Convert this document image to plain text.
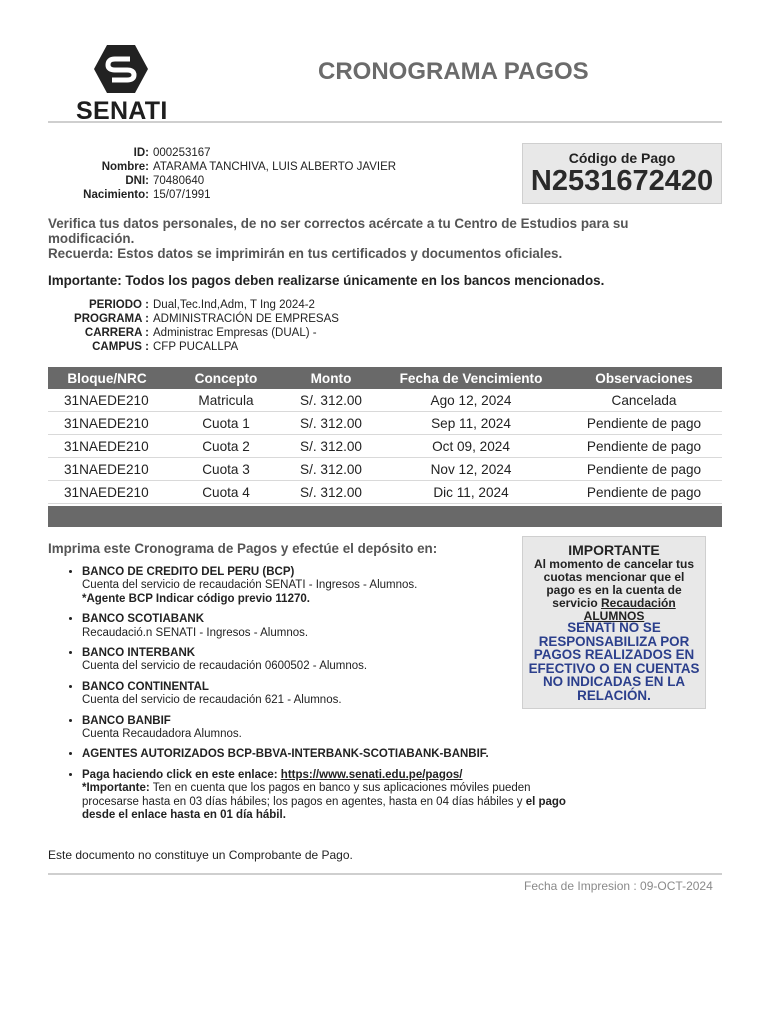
SENATI
CRONOGRAMA PAGOS
ID: 000253167
Nombre: ATARAMA TANCHIVA, LUIS ALBERTO JAVIER
DNI: 70480640
Nacimiento: 15/07/1991
Código de Pago
N2531672420
Verifica tus datos personales, de no ser correctos acércate a tu Centro de Estudios para su
modificación.
Recuerda: Estos datos se imprimirán en tus certificados y documentos oficiales.
Importante: Todos los pagos deben realizarse únicamente en los bancos mencionados.
PERIODO : Dual,Tec.Ind,Adm, T Ing 2024-2
PROGRAMA : ADMINISTRACIÓN DE EMPRESAS
CARRERA : Administrac Empresas (DUAL) -
CAMPUS : CFP PUCALLPA
Bloque/NRC	Concepto	Monto	Fecha de Vencimiento	Observaciones
31NAEDE210	Matricula	S/. 312.00	Ago 12, 2024	Cancelada
31NAEDE210	Cuota 1	S/. 312.00	Sep 11, 2024	Pendiente de pago
31NAEDE210	Cuota 2	S/. 312.00	Oct 09, 2024	Pendiente de pago
31NAEDE210	Cuota 3	S/. 312.00	Nov 12, 2024	Pendiente de pago
31NAEDE210	Cuota 4	S/. 312.00	Dic 11, 2024	Pendiente de pago
Imprima este Cronograma de Pagos y efectúe el depósito en:
• BANCO DE CREDITO DEL PERU (BCP)
Cuenta del servicio de recaudación SENATI - Ingresos - Alumnos.
*Agente BCP Indicar código previo 11270.
• BANCO SCOTIABANK
Recaudació.n SENATI - Ingresos - Alumnos.
• BANCO INTERBANK
Cuenta del servicio de recaudación 0600502 - Alumnos.
• BANCO CONTINENTAL
Cuenta del servicio de recaudación 621 - Alumnos.
• BANCO BANBIF
Cuenta Recaudadora Alumnos.
• AGENTES AUTORIZADOS BCP-BBVA-INTERBANK-SCOTIABANK-BANBIF.
• Paga haciendo click en este enlace: https://www.senati.edu.pe/pagos/
*Importante: Ten en cuenta que los pagos en banco y sus aplicaciones móviles pueden procesarse hasta en 03 días hábiles; los pagos en agentes, hasta en 04 días hábiles y el pago desde el enlace hasta en 01 día hábil.
IMPORTANTE
Al momento de cancelar tus cuotas mencionar que el pago es en la cuenta de servicio Recaudación ALUMNOS
SENATI NO SE RESPONSABILIZA POR PAGOS REALIZADOS EN EFECTIVO O EN CUENTAS NO INDICADAS EN LA RELACIÓN.
Este documento no constituye un Comprobante de Pago.
Fecha de Impresion : 09-OCT-2024
